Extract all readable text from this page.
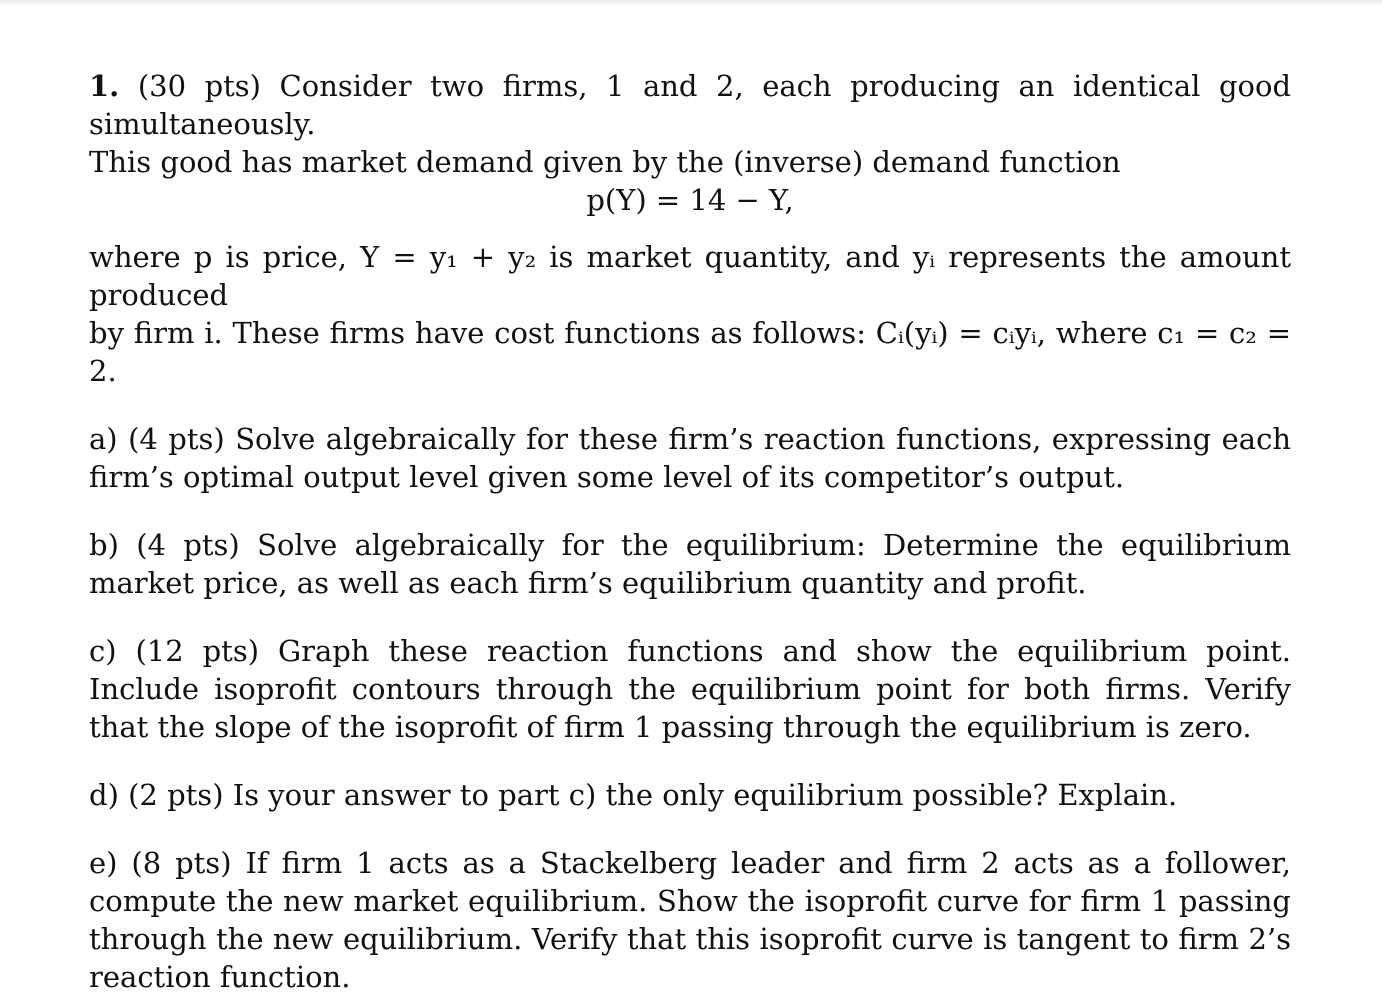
1. (30 pts) Consider two firms, 1 and 2, each producing an identical good simultaneously.
This good has market demand given by the (inverse) demand function

p(Y) = 14 − Y,

where p is price, Y = y₁ + y₂ is market quantity, and yᵢ represents the amount produced
by firm i. These firms have cost functions as follows: Cᵢ(yᵢ) = cᵢyᵢ, where c₁ = c₂ = 2.

a) (4 pts) Solve algebraically for these firm’s reaction functions, expressing each firm’s optimal output level given some level of its competitor’s output.

b) (4 pts) Solve algebraically for the equilibrium: Determine the equilibrium market price, as well as each firm’s equilibrium quantity and profit.

c) (12 pts) Graph these reaction functions and show the equilibrium point. Include isoprofit contours through the equilibrium point for both firms. Verify that the slope of the isoprofit of firm 1 passing through the equilibrium is zero.

d) (2 pts) Is your answer to part c) the only equilibrium possible? Explain.

e) (8 pts) If firm 1 acts as a Stackelberg leader and firm 2 acts as a follower, compute the new market equilibrium. Show the isoprofit curve for firm 1 passing through the new equilibrium. Verify that this isoprofit curve is tangent to firm 2’s reaction function.
